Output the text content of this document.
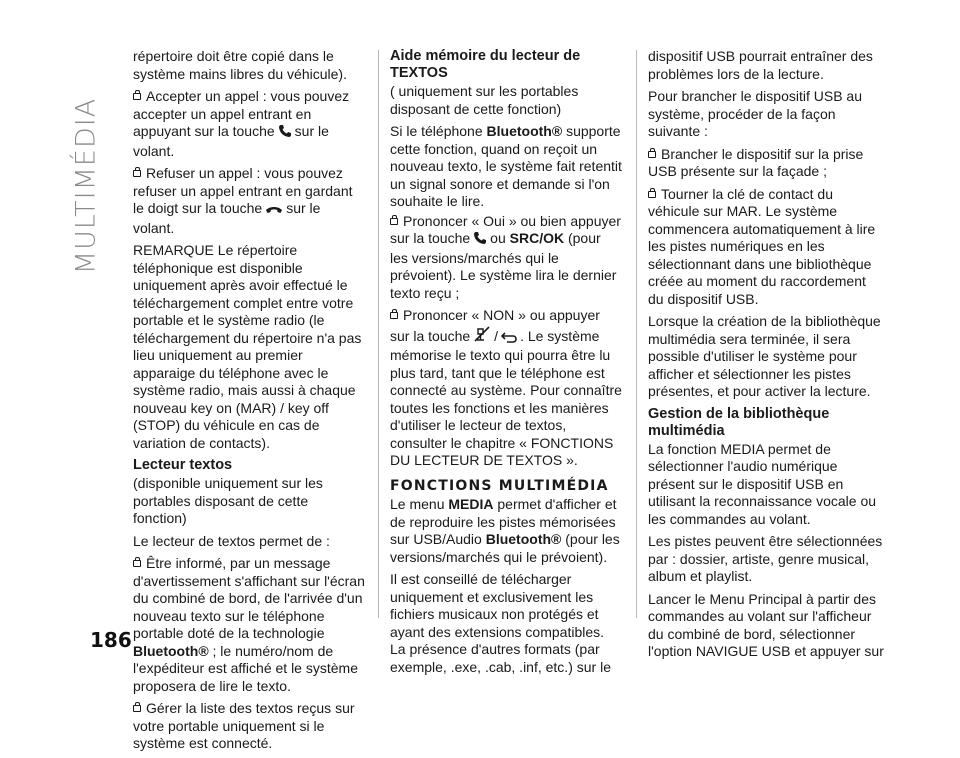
MULTIMÉDIA
186

répertoire doit être copié dans le système mains libres du véhicule).

Accepter un appel : vous pouvez accepter un appel entrant en appuyant sur la touche sur le volant.

Refuser un appel : vous pouvez refuser un appel entrant en gardant le doigt sur la touche sur le volant.

REMARQUE Le répertoire téléphonique est disponible uniquement après avoir effectué le téléchargement complet entre votre portable et le système radio (le téléchargement du répertoire n'a pas lieu uniquement au premier apparaige du téléphone avec le système radio, mais aussi à chaque nouveau key on (MAR) / key off (STOP) du véhicule en cas de variation de contacts).

Lecteur textos

(disponible uniquement sur les portables disposant de cette fonction)

Le lecteur de textos permet de :

Être informé, par un message d'avertissement s'affichant sur l'écran du combiné de bord, de l'arrivée d'un nouveau texto sur le téléphone portable doté de la technologie Bluetooth® ; le numéro/nom de l'expéditeur est affiché et le système proposera de lire le texto.

Gérer la liste des textos reçus sur votre portable uniquement si le système est connecté.

Aide mémoire du lecteur de TEXTOS

( uniquement sur les portables disposant de cette fonction)

Si le téléphone Bluetooth® supporte cette fonction, quand on reçoit un nouveau texto, le système fait retentit un signal sonore et demande si l'on souhaite le lire.

Prononcer « Oui » ou bien appuyer sur la touche ou SRC/OK (pour les versions/marchés qui le prévoient). Le système lira le dernier texto reçu ;

Prononcer « NON » ou appuyer sur la touche / . Le système mémorise le texto qui pourra être lu plus tard, tant que le téléphone est connecté au système. Pour connaître toutes les fonctions et les manières d'utiliser le lecteur de textos, consulter le chapitre « FONCTIONS DU LECTEUR DE TEXTOS ».

FONCTIONS MULTIMÉDIA

Le menu MEDIA permet d'afficher et de reproduire les pistes mémorisées sur USB/Audio Bluetooth® (pour les versions/marchés qui le prévoient).

Il est conseillé de télécharger uniquement et exclusivement les fichiers musicaux non protégés et ayant des extensions compatibles. La présence d'autres formats (par exemple, .exe, .cab, .inf, etc.) sur le

dispositif USB pourrait entraîner des problèmes lors de la lecture.

Pour brancher le dispositif USB au système, procéder de la façon suivante :

Brancher le dispositif sur la prise USB présente sur la façade ;

Tourner la clé de contact du véhicule sur MAR. Le système commencera automatiquement à lire les pistes numériques en les sélectionnant dans une bibliothèque créée au moment du raccordement du dispositif USB.

Lorsque la création de la bibliothèque multimédia sera terminée, il sera possible d'utiliser le système pour afficher et sélectionner les pistes présentes, et pour activer la lecture.

Gestion de la bibliothèque multimédia

La fonction MEDIA permet de sélectionner l'audio numérique présent sur le dispositif USB en utilisant la reconnaissance vocale ou les commandes au volant.

Les pistes peuvent être sélectionnées par : dossier, artiste, genre musical, album et playlist.

Lancer le Menu Principal à partir des commandes au volant sur l'afficheur du combiné de bord, sélectionner l'option NAVIGUE USB et appuyer sur
